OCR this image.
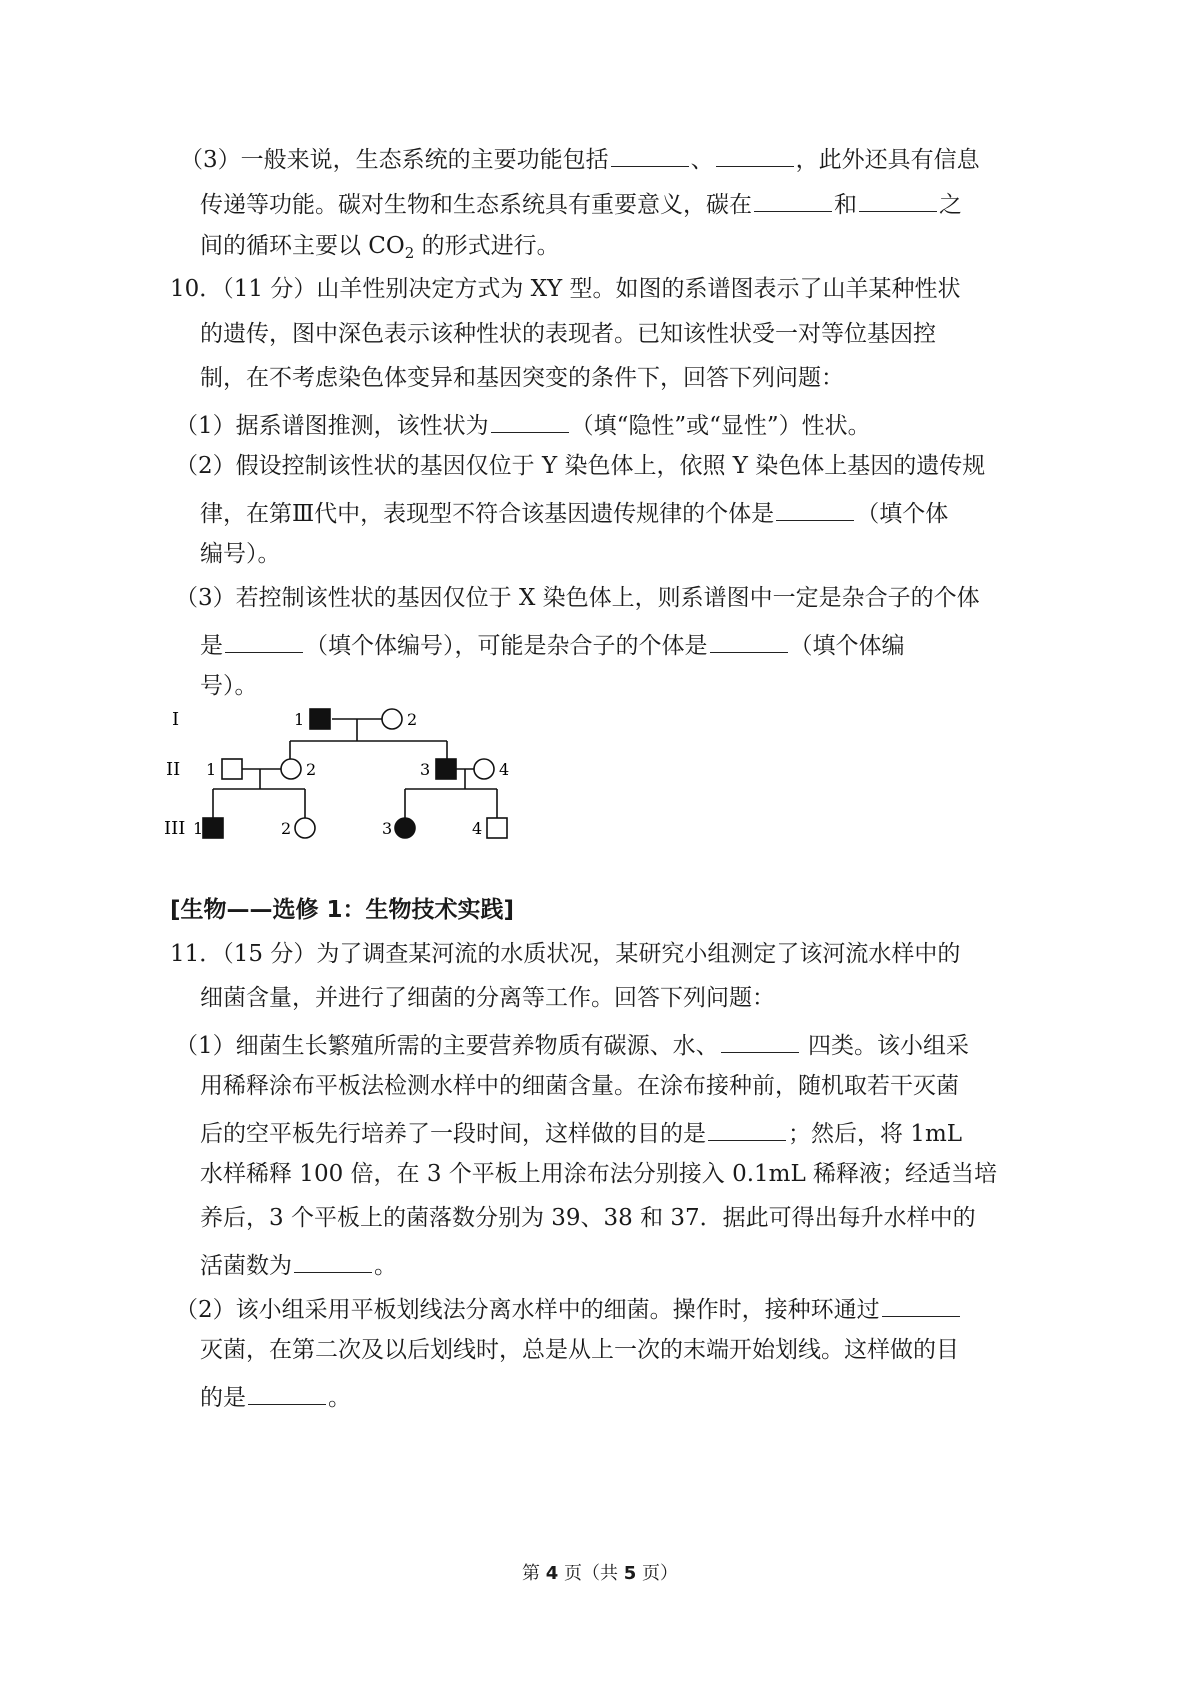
（3）一般来说，生态系统的主要功能包括	、	，此外还具有信息
传递等功能。碳对生物和生态系统具有重要意义，碳在	和	之
间的循环主要以 $CO_2$ 的形式进行。
10．（11 分）山羊性别决定方式为 XY 型。如图的系谱图表示了山羊某种性状
的遗传，图中深色表示该种性状的表现者。已知该性状受一对等位基因控
制，在不考虑染色体变异和基因突变的条件下，回答下列问题：
（1）据系谱图推测，该性状为	（填“隐性”或“显性”）性状。
（2）假设控制该性状的基因仅位于 Y 染色体上，依照 Y 染色体上基因的遗传规
律，在第Ⅲ代中，表现型不符合该基因遗传规律的个体是	（填个体
编号）。
（3）若控制该性状的基因仅位于 X 染色体上，则系谱图中一定是杂合子的个体
是	（填个体编号），可能是杂合子的个体是	（填个体编
号）。
I
II
III
1	2
1	2	3	4
1	2	3	4
[生物——选修 1：生物技术实践]
11．（15 分）为了调查某河流的水质状况，某研究小组测定了该河流水样中的
细菌含量，并进行了细菌的分离等工作。回答下列问题：
（1）细菌生长繁殖所需的主要营养物质有碳源、水、	四类。该小组采
用稀释涂布平板法检测水样中的细菌含量。在涂布接种前，随机取若干灭菌
后的空平板先行培养了一段时间，这样做的目的是	；然后，将 1mL
水样稀释 100 倍，在 3 个平板上用涂布法分别接入 0.1mL 稀释液；经适当培
养后，3 个平板上的菌落数分别为 39、38 和 37．据此可得出每升水样中的
活菌数为	。
（2）该小组采用平板划线法分离水样中的细菌。操作时，接种环通过
灭菌，在第二次及以后划线时，总是从上一次的末端开始划线。这样做的目
的是	。
第 4 页（共 5 页）
